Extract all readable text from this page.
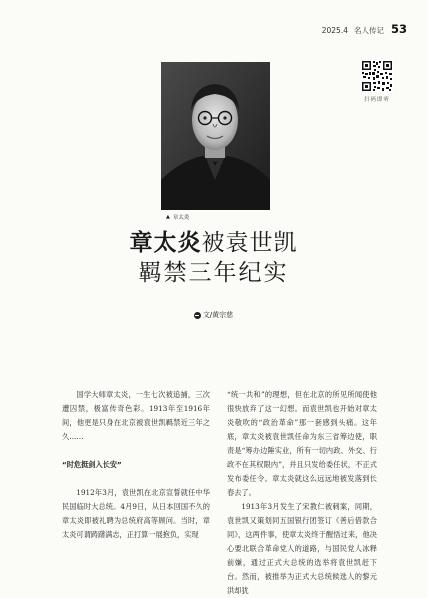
2025.4 名人传记 53
扫码即听
▲ 章太炎
章太炎被袁世凯
羁禁三年纪实
文/黄宗慈

国学大师章太炎，一生七次被追捕，三次遭囚禁，极富传奇色彩。1913年至1916年间，他更是只身在北京被袁世凯羁禁近三年之久……

“时危挺剑入长安”

1912年3月，袁世凯在北京宣誓就任中华民国临时大总统。4月9日，从日本回国不久的章太炎即被礼聘为总统府高等顾问。当时，章太炎可谓踌躇满志，正打算一展抱负，实现

“统一共和”的理想，但在北京的所见所闻使他很快放弃了这一幻想。而袁世凯也开始对章太炎敬吹的“政治革命”那一套感到头痛。这年底，章太炎被袁世凯任命为东三省筹边使，职责是“筹办边陲实业，所有一切内政、外交、行政不在其权限内”，并且只发给委任状，不正式发布委任令。章太炎就这么远远地被发落到长春去了。

1913年3月发生了宋教仁被刺案，同期，袁世凯又策划同五国银行团签订《善后借款合同》，这两件事，使章太炎终于醒悟过来，他决心要北联合革命党人的道路，与国民党人冰释前嫌，通过正式大总统的选举将袁世凯赶下台。然而，被推举为正式大总统候选人的黎元洪却犹
